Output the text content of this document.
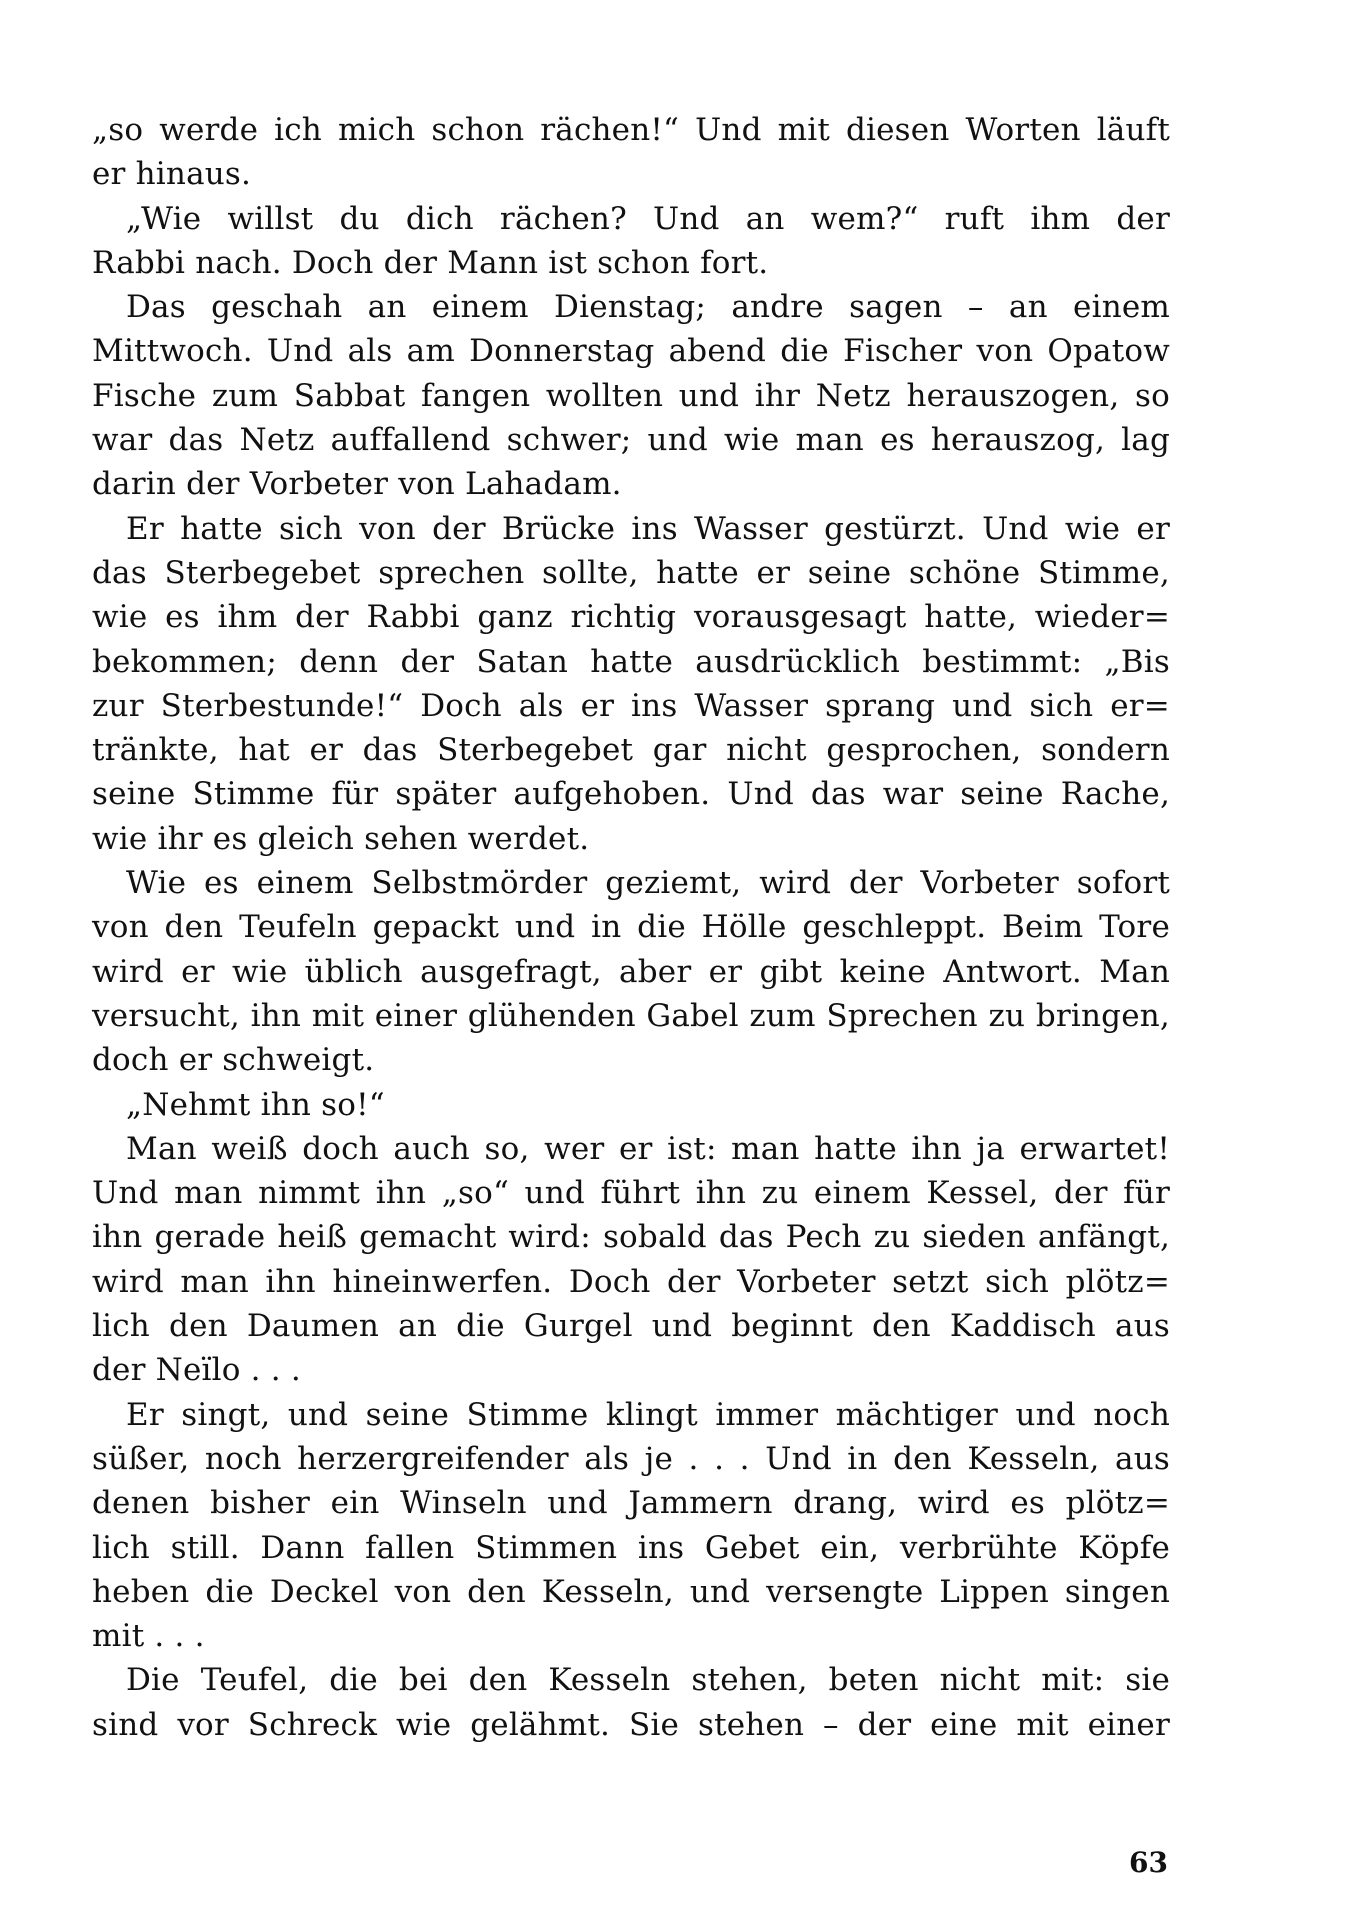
„so werde ich mich schon rächen!“ Und mit diesen Worten läuft
er hinaus.
„Wie willst du dich rächen? Und an wem?“ ruft ihm der
Rabbi nach. Doch der Mann ist schon fort.
Das geschah an einem Dienstag; andre sagen – an einem
Mittwoch. Und als am Donnerstag abend die Fischer von Opatow
Fische zum Sabbat fangen wollten und ihr Netz herauszogen, so
war das Netz auffallend schwer; und wie man es herauszog, lag
darin der Vorbeter von Lahadam.
Er hatte sich von der Brücke ins Wasser gestürzt. Und wie er
das Sterbegebet sprechen sollte, hatte er seine schöne Stimme,
wie es ihm der Rabbi ganz richtig vorausgesagt hatte, wieder=
bekommen; denn der Satan hatte ausdrücklich bestimmt: „Bis
zur Sterbestunde!“ Doch als er ins Wasser sprang und sich er=
tränkte, hat er das Sterbegebet gar nicht gesprochen, sondern
seine Stimme für später aufgehoben. Und das war seine Rache,
wie ihr es gleich sehen werdet.
Wie es einem Selbstmörder geziemt, wird der Vorbeter sofort
von den Teufeln gepackt und in die Hölle geschleppt. Beim Tore
wird er wie üblich ausgefragt, aber er gibt keine Antwort. Man
versucht, ihn mit einer glühenden Gabel zum Sprechen zu bringen,
doch er schweigt.
„Nehmt ihn so!“
Man weiß doch auch so, wer er ist: man hatte ihn ja erwartet!
Und man nimmt ihn „so“ und führt ihn zu einem Kessel, der für
ihn gerade heiß gemacht wird: sobald das Pech zu sieden anfängt,
wird man ihn hineinwerfen. Doch der Vorbeter setzt sich plötz=
lich den Daumen an die Gurgel und beginnt den Kaddisch aus
der Neïlo . . .
Er singt, und seine Stimme klingt immer mächtiger und noch
süßer, noch herzergreifender als je . . . Und in den Kesseln, aus
denen bisher ein Winseln und Jammern drang, wird es plötz=
lich still. Dann fallen Stimmen ins Gebet ein, verbrühte Köpfe
heben die Deckel von den Kesseln, und versengte Lippen singen
mit . . .
Die Teufel, die bei den Kesseln stehen, beten nicht mit: sie
sind vor Schreck wie gelähmt. Sie stehen – der eine mit einer
63
